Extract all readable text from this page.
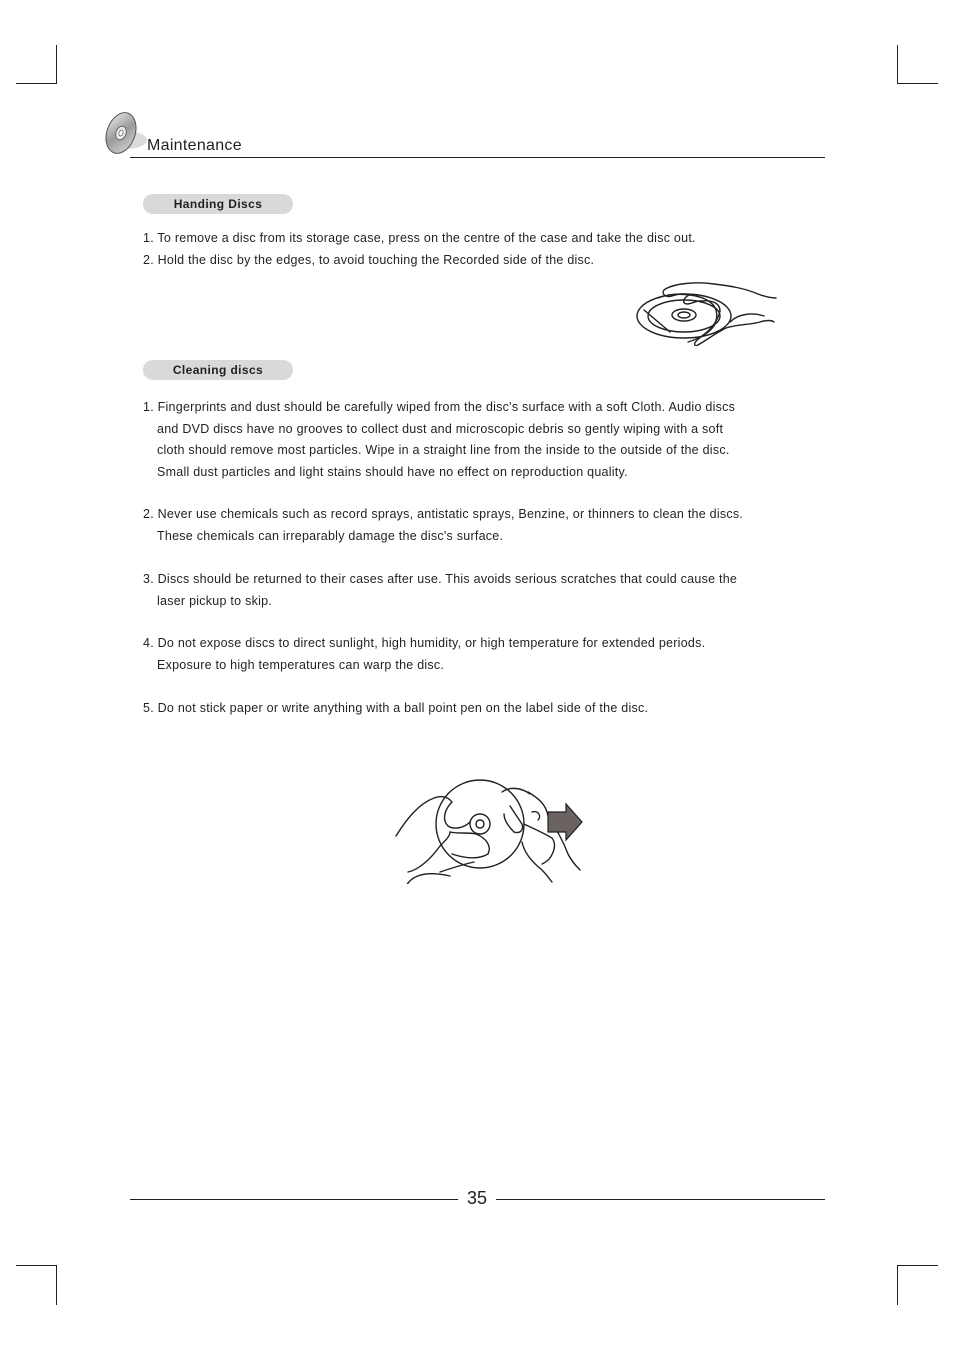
Maintenance
Handing Discs
1. To remove a disc from its storage case, press on the centre of the case and take the disc out.
2. Hold the disc by the edges, to avoid touching the Recorded side of the disc.
Cleaning discs
1. Fingerprints and dust should be carefully wiped from the disc's surface with a soft Cloth. Audio discs
and DVD discs have no grooves to collect dust and microscopic debris so gently wiping with a soft
cloth should remove most particles. Wipe in a straight line from the inside to the outside of the disc.
Small dust particles and light stains should have no effect on reproduction quality.
2. Never use chemicals such as record sprays, antistatic sprays, Benzine, or thinners to clean the discs.
These chemicals can irreparably damage the disc's surface.
3. Discs should be returned to their cases after use. This avoids serious scratches that could cause the
laser pickup to skip.
4. Do not expose discs to direct sunlight, high humidity, or high temperature for extended periods.
Exposure to high temperatures can warp the disc.
5. Do not stick paper or write anything with a ball point pen on the label side of the disc.
35
